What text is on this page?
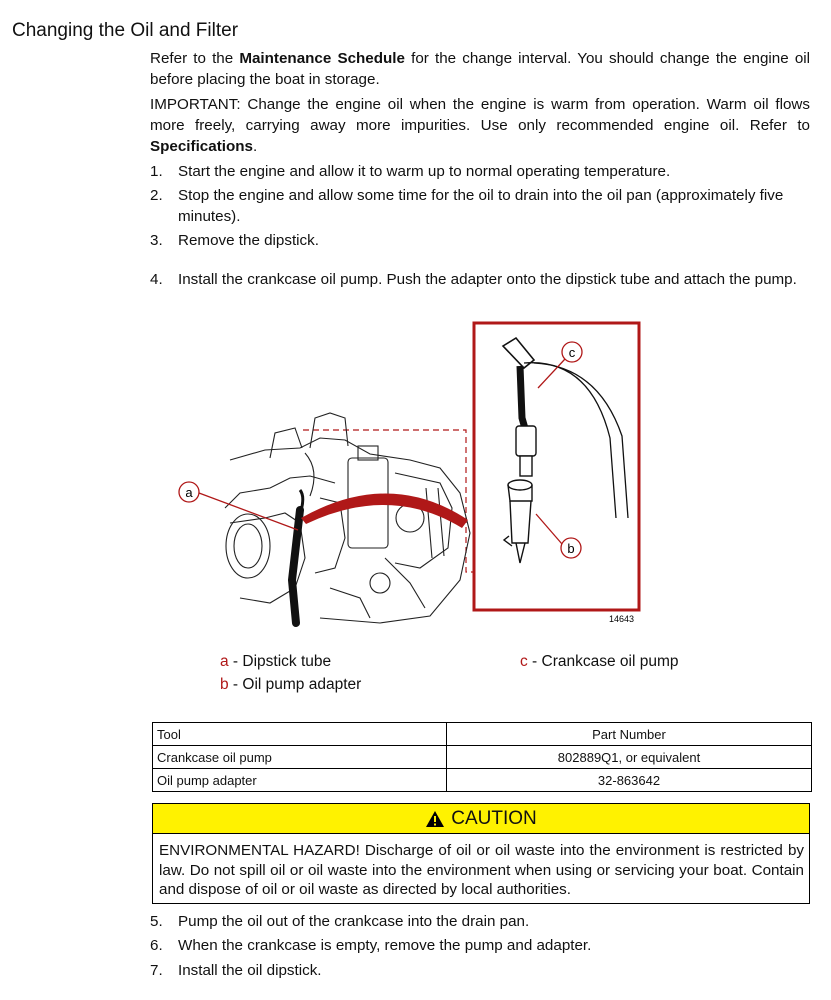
Changing the Oil and Filter

Refer to the Maintenance Schedule for the change interval. You should change the engine oil before placing the boat in storage.

IMPORTANT: Change the engine oil when the engine is warm from operation. Warm oil flows more freely, carrying away more impurities. Use only recommended engine oil. Refer to Specifications.

1. Start the engine and allow it to warm up to normal operating temperature.
2. Stop the engine and allow some time for the oil to drain into the oil pan (approximately five minutes).
3. Remove the dipstick.
4. Install the crankcase oil pump. Push the adapter onto the dipstick tube and attach the pump.
a
b
c
14643
a - Dipstick tube
b - Oil pump adapter
c - Crankcase oil pump
Tool	Part Number
Crankcase oil pump	802889Q1, or equivalent
Oil pump adapter	32-863642
CAUTION
ENVIRONMENTAL HAZARD! Discharge of oil or oil waste into the environment is restricted by law. Do not spill oil or oil waste into the environment when using or servicing your boat. Contain and dispose of oil or oil waste as directed by local authorities.
5. Pump the oil out of the crankcase into the drain pan.
6. When the crankcase is empty, remove the pump and adapter.
7. Install the oil dipstick.
